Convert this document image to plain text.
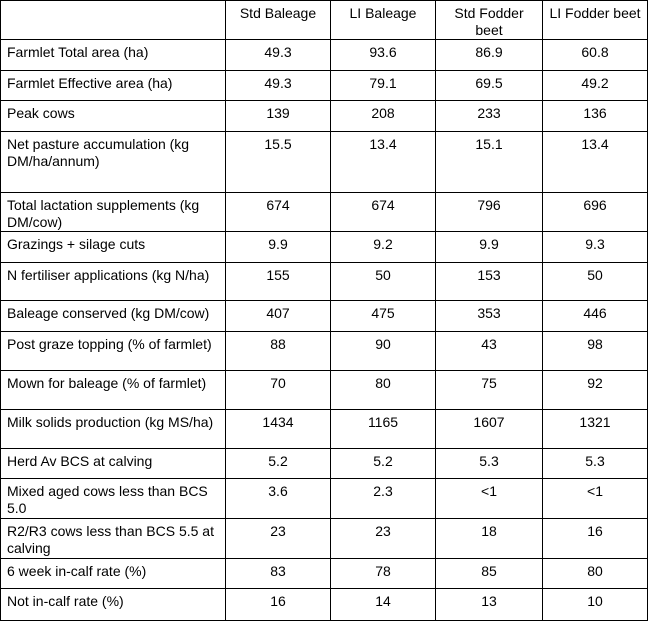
	Std Baleage	LI Baleage	Std Fodder beet	LI Fodder beet
Farmlet Total area (ha)	49.3	93.6	86.9	60.8
Farmlet Effective area (ha)	49.3	79.1	69.5	49.2
Peak cows	139	208	233	136
Net pasture accumulation (kg DM/ha/annum)	15.5	13.4	15.1	13.4
Total lactation supplements (kg DM/cow)	674	674	796	696
Grazings + silage cuts	9.9	9.2	9.9	9.3
N fertiliser applications (kg N/ha)	155	50	153	50
Baleage conserved (kg DM/cow)	407	475	353	446
Post graze topping (% of farmlet)	88	90	43	98
Mown for baleage (% of farmlet)	70	80	75	92
Milk solids production (kg MS/ha)	1434	1165	1607	1321
Herd Av BCS at calving	5.2	5.2	5.3	5.3
Mixed aged cows less than BCS 5.0	3.6	2.3	<1	<1
R2/R3 cows less than BCS 5.5 at calving	23	23	18	16
6 week in-calf rate (%)	83	78	85	80
Not in-calf rate (%)	16	14	13	10
